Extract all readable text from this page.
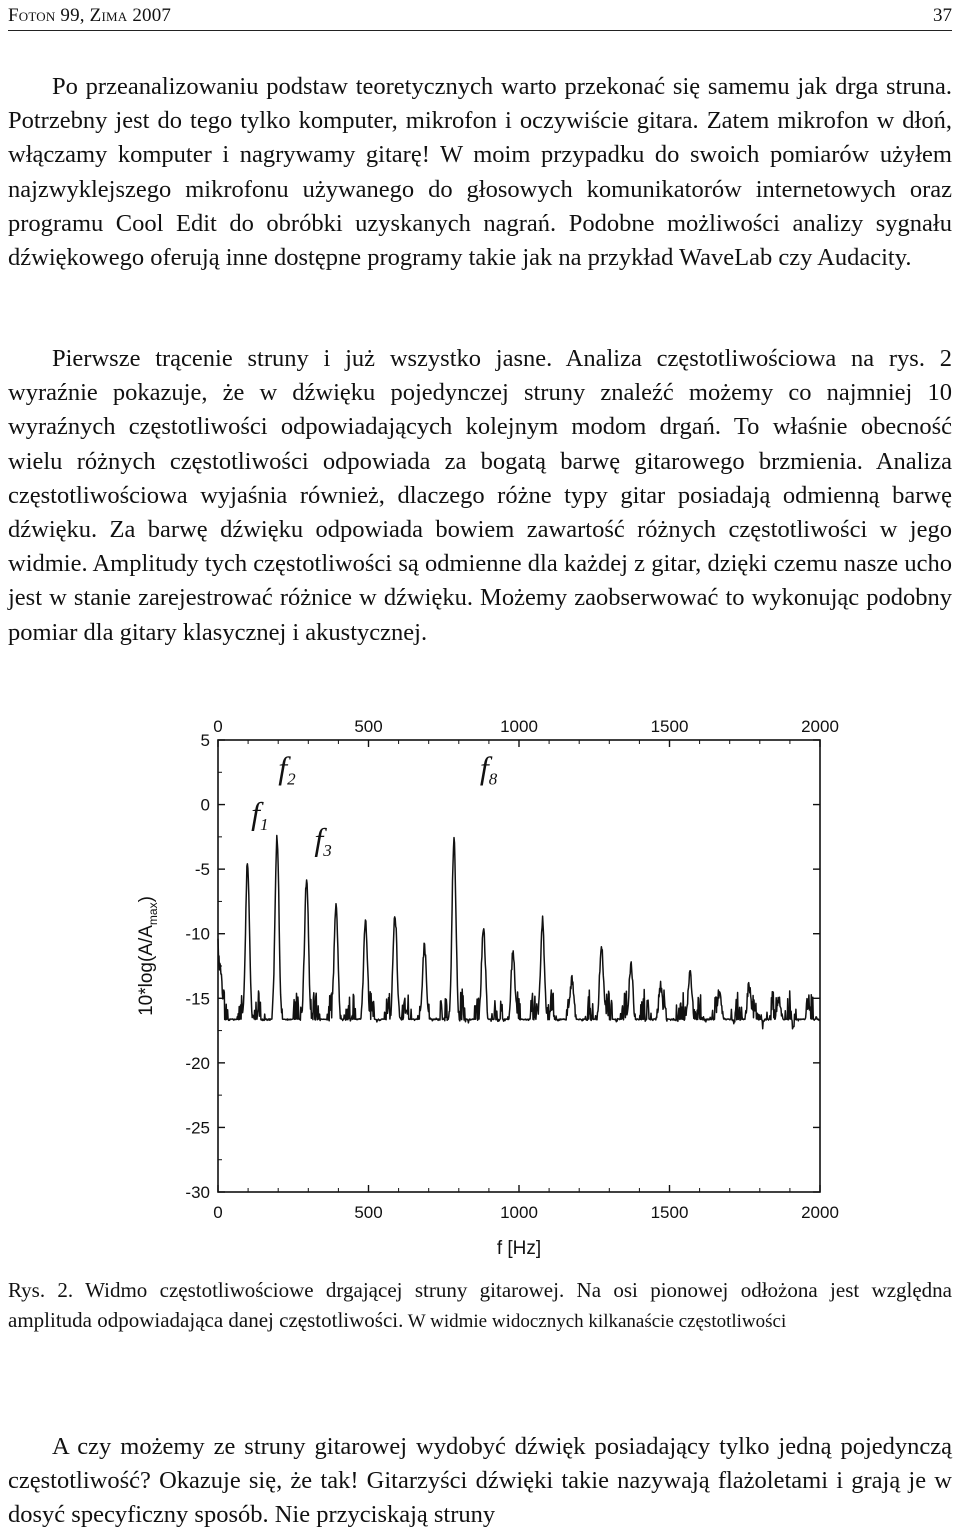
Foton 99, Zima 2007	37

Po przeanalizowaniu podstaw teoretycznych warto przekonać się samemu jak drga struna. Potrzebny jest do tego tylko komputer, mikrofon i oczywiście gitara. Zatem mikrofon w dłoń, włączamy komputer i nagrywamy gitarę! W moim przypadku do swoich pomiarów użyłem najzwyklejszego mikrofonu używanego do głosowych komunikatorów internetowych oraz programu Cool Edit do obróbki uzyskanych nagrań. Podobne możliwości analizy sygnału dźwiękowego oferują inne dostępne programy takie jak na przykład WaveLab czy Audacity.

Pierwsze trącenie struny i już wszystko jasne. Analiza częstotliwościowa na rys. 2 wyraźnie pokazuje, że w dźwięku pojedynczej struny znaleźć możemy co najmniej 10 wyraźnych częstotliwości odpowiadających kolejnym modom drgań. To właśnie obecność wielu różnych częstotliwości odpowiada za bogatą barwę gitarowego brzmienia. Analiza częstotliwościowa wyjaśnia również, dlaczego różne typy gitar posiadają odmienną barwę dźwięku. Za barwę dźwięku odpowiada bowiem zawartość różnych częstotliwości w jego widmie. Amplitudy tych częstotliwości są odmienne dla każdej z gitar, dzięki czemu nasze ucho jest w stanie zarejestrować różnice w dźwięku. Możemy zaobserwować to wykonując podobny pomiar dla gitary klasycznej i akustycznej.

0
0
500
500
1000
1000
1500
1500
2000
2000
5
0
-5
-10
-15
-20
-25
-30
f [Hz]
$10*\log(A/A_{max})$
f1
f2
f3
f8

Rys. 2. Widmo częstotliwościowe drgającej struny gitarowej. Na osi pionowej odłożona jest względna amplituda odpowiadająca danej częstotliwości. W widmie widocznych kilkanaście częstotliwości

A czy możemy ze struny gitarowej wydobyć dźwięk posiadający tylko jedną pojedynczą częstotliwość? Okazuje się, że tak! Gitarzyści dźwięki takie nazywają flażoletami i grają je w dosyć specyficzny sposób. Nie przyciskają struny
